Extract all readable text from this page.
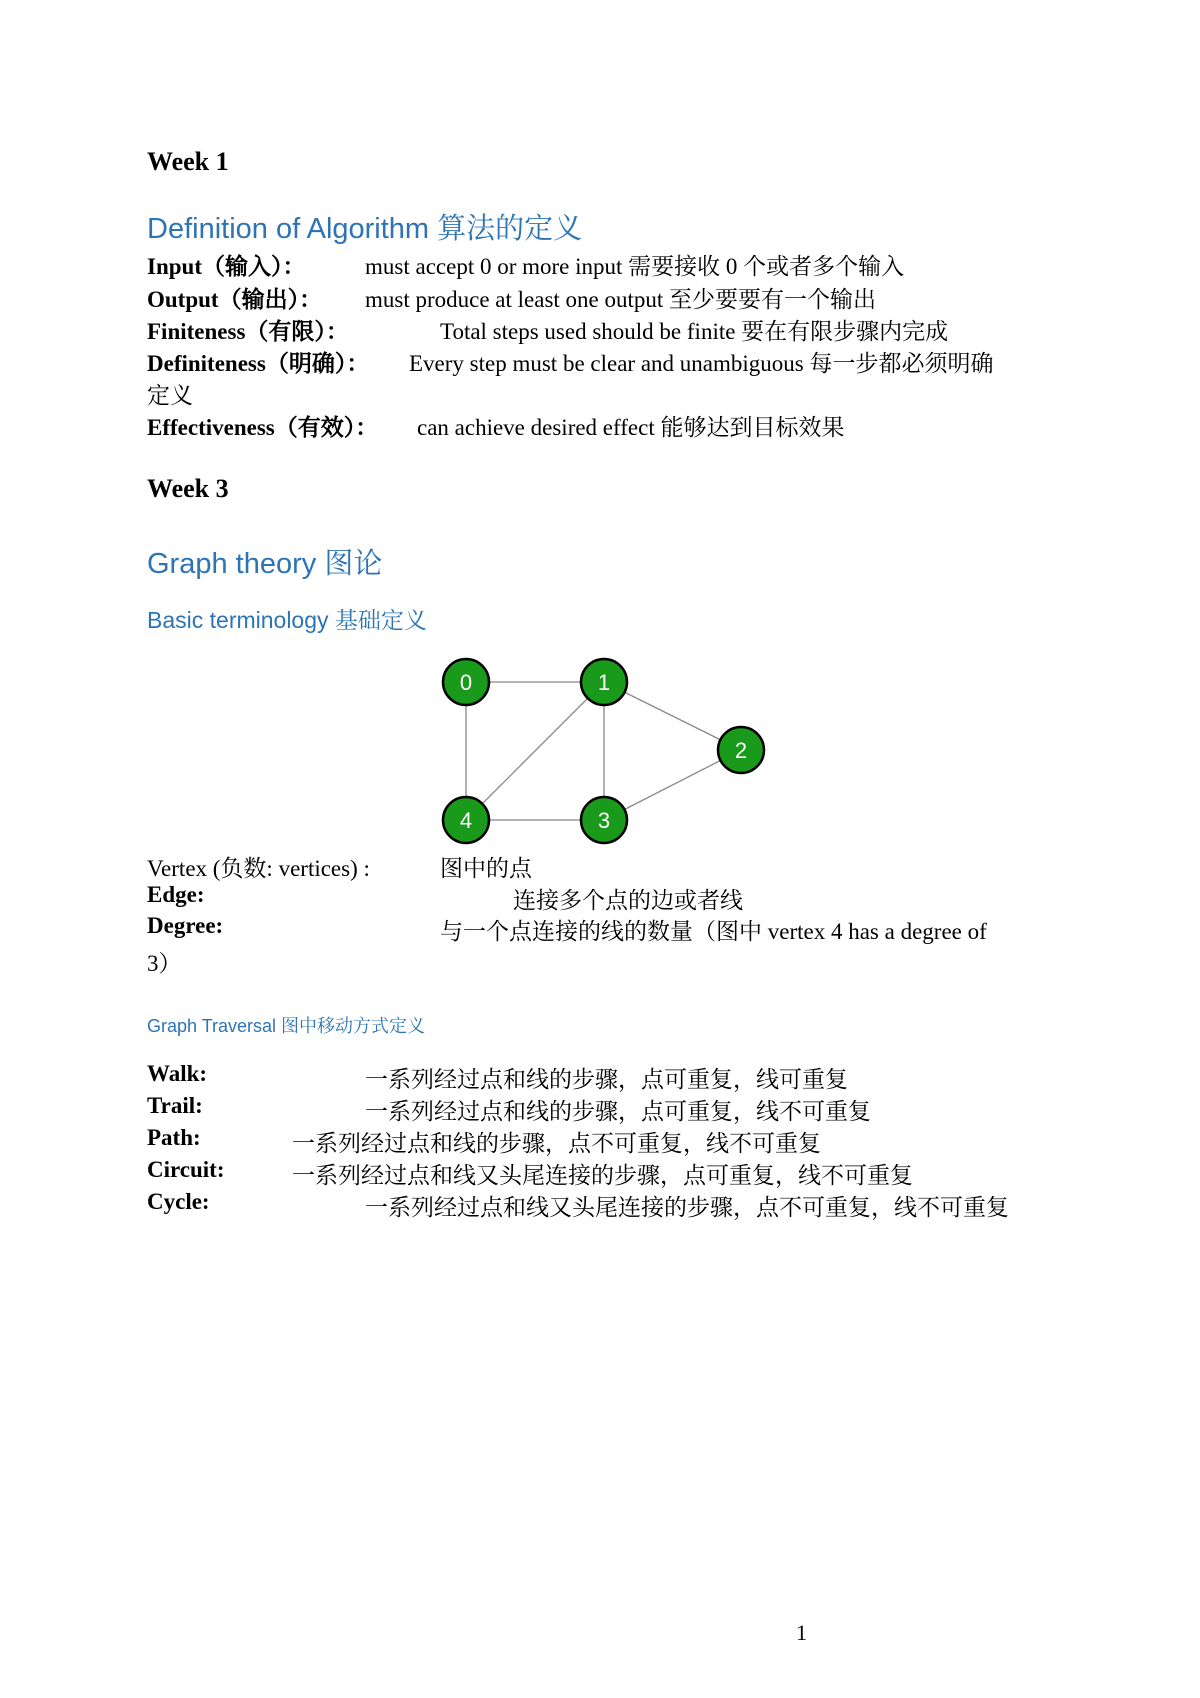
Week 1
Definition of Algorithm 算法的定义
Input（输入）：	must accept 0 or more input 需要接收 0 个或者多个输入
Output（输出）： must produce at least one output 至少要要有一个输出
Finiteness（有限）：	Total steps used should be finite 要在有限步骤内完成
Definiteness（明确）： Every step must be clear and unambiguous 每一步都必须明确
定义
Effectiveness（有效）： can achieve desired effect 能够达到目标效果
Week 3
Graph theory 图论
Basic terminology 基础定义
0	1
2
3
4
Vertex (负数: vertices) :	图中的点
Edge:	连接多个点的边或者线
Degree:	与一个点连接的线的数量（图中 vertex 4 has a degree of
3）
Graph Traversal 图中移动方式定义
Walk:	一系列经过点和线的步骤，点可重复，线可重复
Trail:	一系列经过点和线的步骤，点可重复，线不可重复
Path:	一系列经过点和线的步骤，点不可重复，线不可重复
Circuit:	一系列经过点和线又头尾连接的步骤，点可重复，线不可重复
Cycle:	一系列经过点和线又头尾连接的步骤，点不可重复，线不可重复
1
